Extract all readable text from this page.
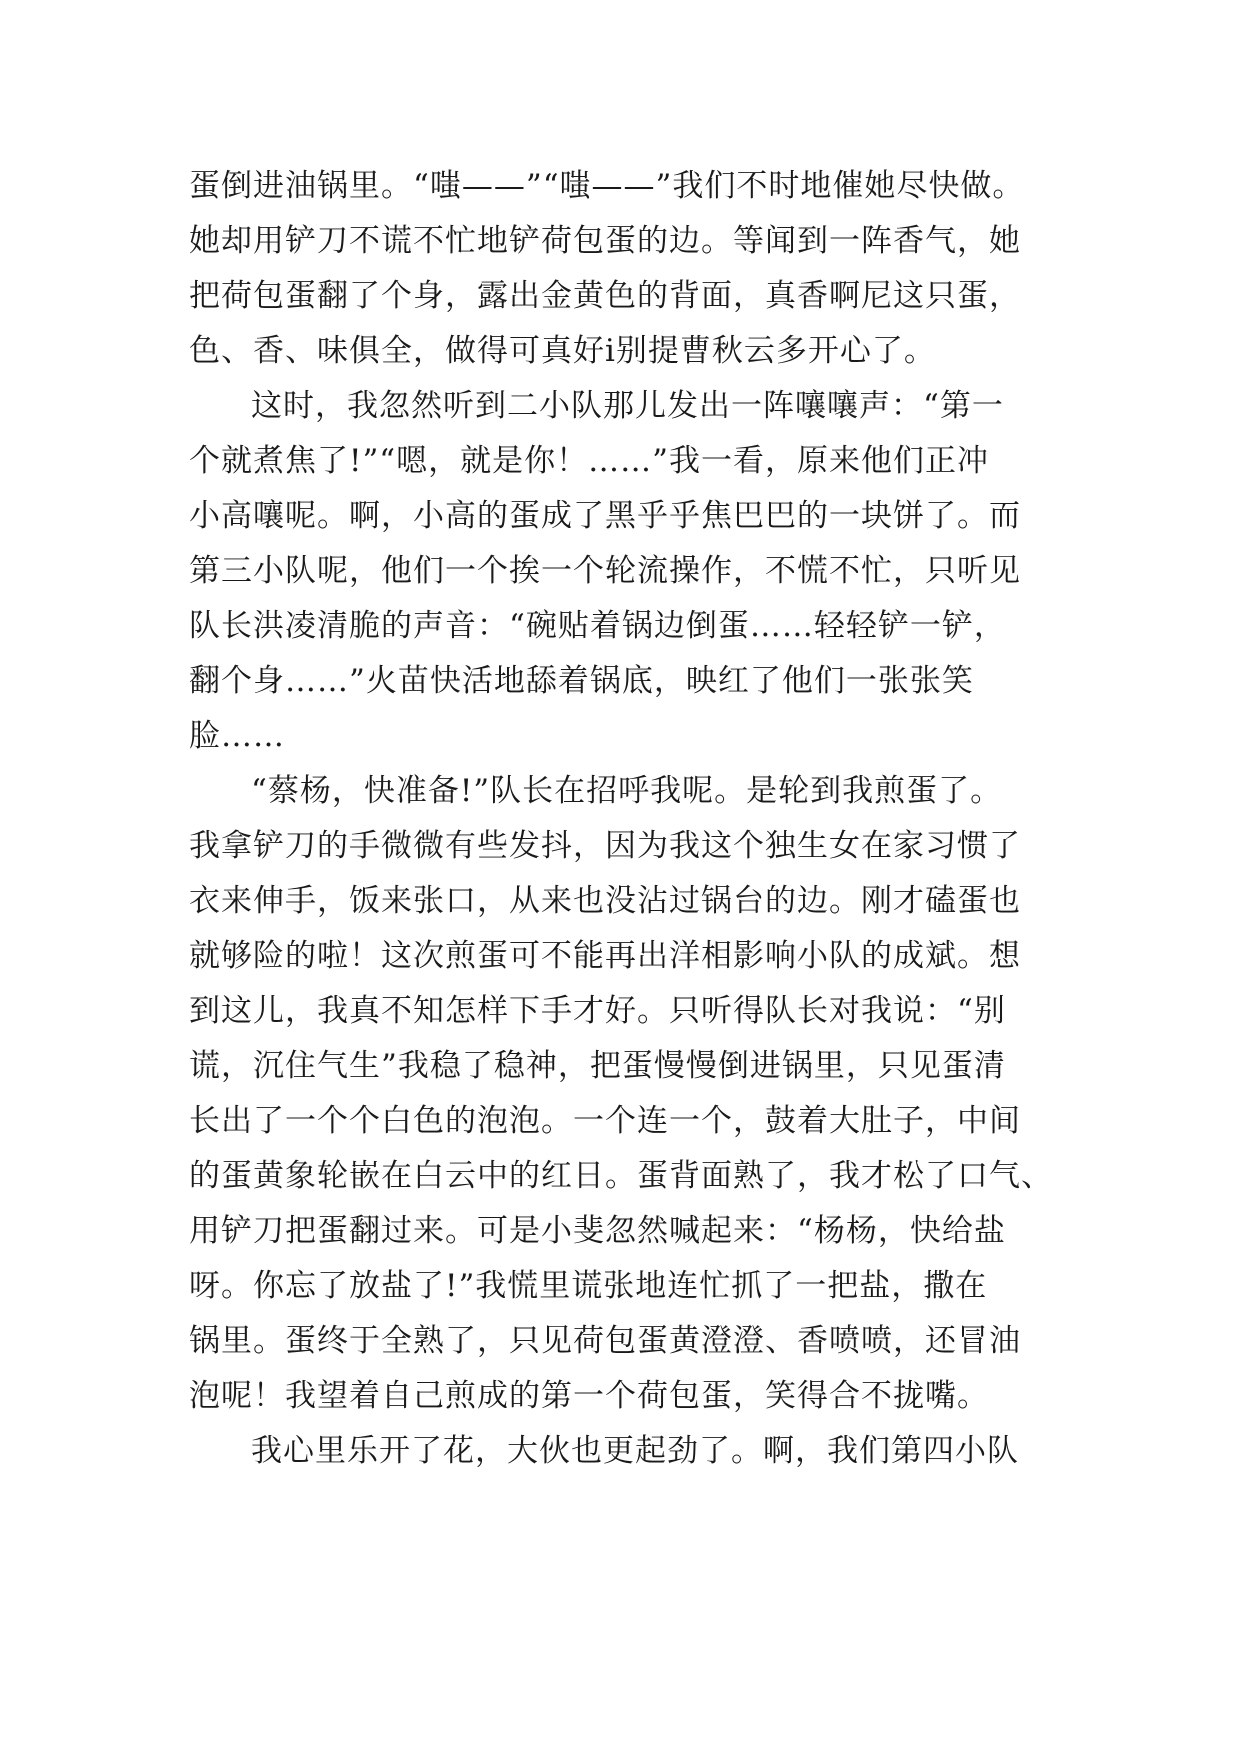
蛋倒进油锅里。“嗤——”“嗤——”我们不时地催她尽快做。
她却用铲刀不谎不忙地铲荷包蛋的边。等闻到一阵香气，她
把荷包蛋翻了个身，露出金黄色的背面，真香啊尼这只蛋，
色、香、味俱全，做得可真好i别提曹秋云多开心了。
这时，我忽然听到二小队那儿发出一阵嚷嚷声：“第一
个就煮焦了!”“嗯，就是你！……”我一看，原来他们正冲
小高嚷呢。啊，小高的蛋成了黑乎乎焦巴巴的一块饼了。而
第三小队呢，他们一个挨一个轮流操作，不慌不忙，只听见
队长洪凌清脆的声音：“碗贴着锅边倒蛋……轻轻铲一铲，
翻个身……”火苗快活地舔着锅底，映红了他们一张张笑
脸……
“蔡杨，快准备!”队长在招呼我呢。是轮到我煎蛋了。
我拿铲刀的手微微有些发抖，因为我这个独生女在家习惯了
衣来伸手，饭来张口，从来也没沾过锅台的边。刚才磕蛋也
就够险的啦！这次煎蛋可不能再出洋相影响小队的成斌。想
到这儿，我真不知怎样下手才好。只听得队长对我说：“别
谎，沉住气生”我稳了稳神，把蛋慢慢倒进锅里，只见蛋清
长出了一个个白色的泡泡。一个连一个，鼓着大肚子，中间
的蛋黄象轮嵌在白云中的红日。蛋背面熟了，我才松了口气、
用铲刀把蛋翻过来。可是小斐忽然喊起来：“杨杨，快给盐
呀。你忘了放盐了!”我慌里谎张地连忙抓了一把盐，撒在
锅里。蛋终于全熟了，只见荷包蛋黄澄澄、香喷喷，还冒油
泡呢！我望着自己煎成的第一个荷包蛋，笑得合不拢嘴。
我心里乐开了花，大伙也更起劲了。啊，我们第四小队
